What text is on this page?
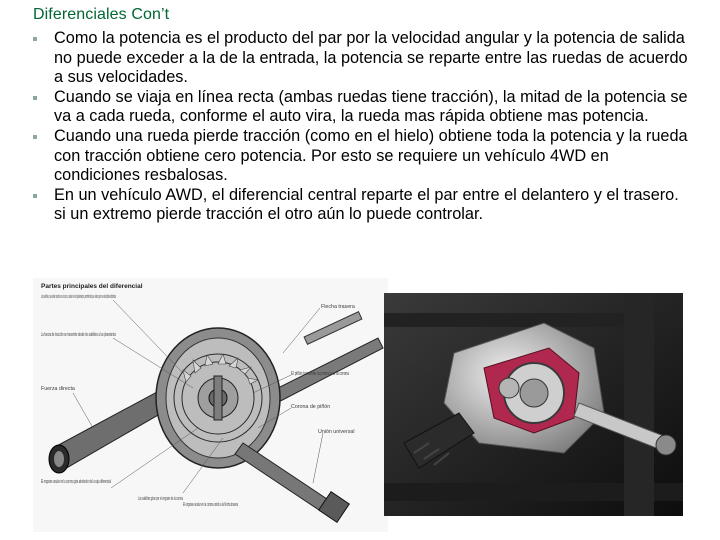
Diferenciales Con’t
Como la potencia es el producto del par por la velocidad angular y la potencia de salida no puede exceder a la de la entrada, la potencia se reparte entre las ruedas de acuerdo a sus velocidades.
Cuando se viaja en línea recta (ambas ruedas tiene tracción), la mitad de la potencia se va a cada rueda, conforme el auto vira, la rueda mas rápida obtiene mas potencia.
Cuando una rueda pierde tracción (como en el hielo) obtiene toda la potencia y la rueda con tracción obtiene cero potencia. Por esto se requiere un vehículo 4WD en condiciones resbalosas.
En un vehículo AWD, el diferencial central reparte el par entre el delantero y el trasero. si un extremo pierde tracción el otro aún lo puede controlar.
Partes principales del diferencial
Los satélites, que están unidos en una cruz, ruedan en los planetarios, permitiendo que éstos giren a velocidades distintas
La fuerza de tracción se transmite desde los satélites a los planetarios
Fuerza directa
El engrane anular en la corona gira alrededor de la caja diferencial
Los satélites giran por el engrane de la corona
Flecha trasera
El piñón transmite la potencia a la corona
Corona de piñón
Unión universal
El engrane anular en la corona unido a la flecha trasera
